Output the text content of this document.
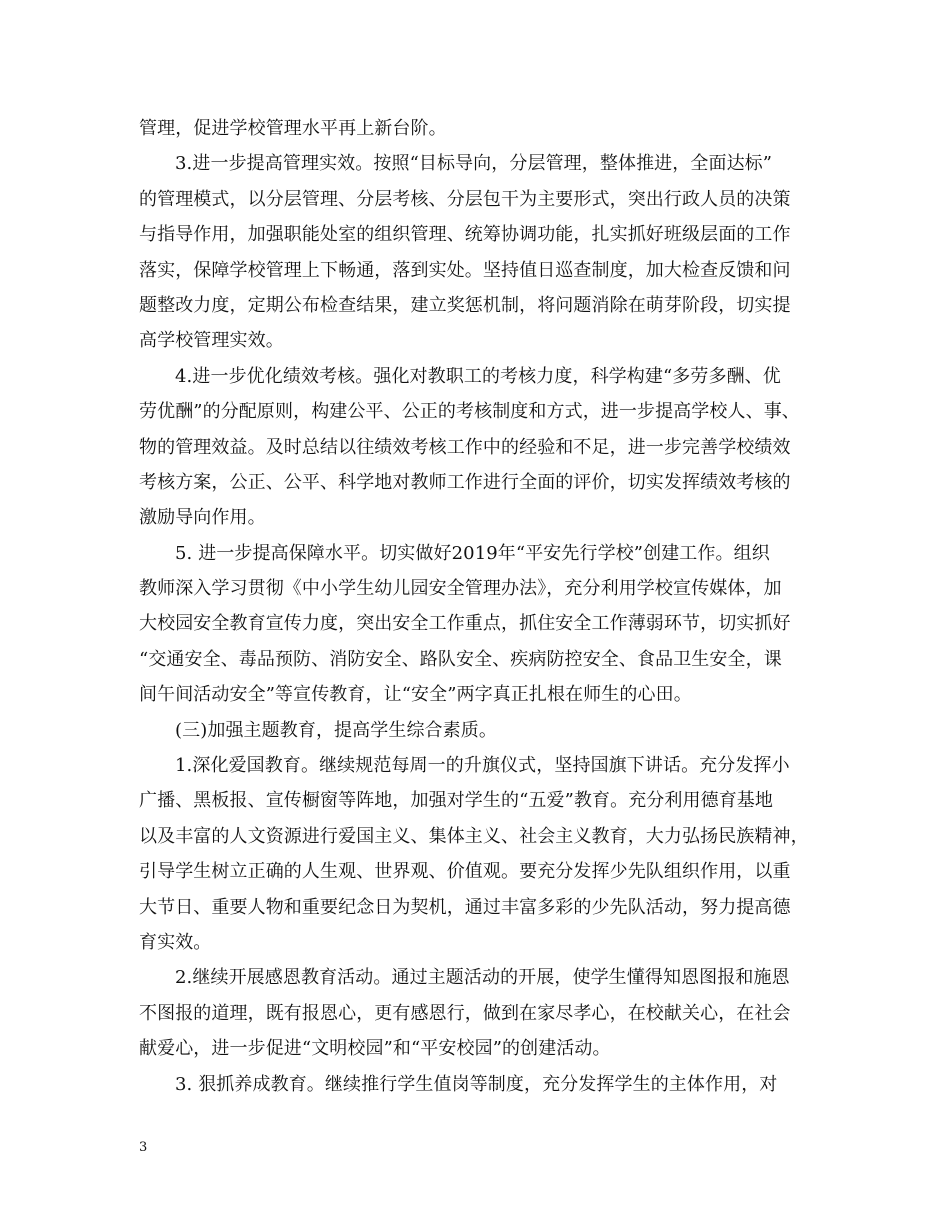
管理，促进学校管理水平再上新台阶。
3.进一步提高管理实效。按照“目标导向，分层管理，整体推进，全面达标”
的管理模式，以分层管理、分层考核、分层包干为主要形式，突出行政人员的决策
与指导作用，加强职能处室的组织管理、统筹协调功能，扎实抓好班级层面的工作
落实，保障学校管理上下畅通，落到实处。坚持值日巡查制度，加大检查反馈和问
题整改力度，定期公布检查结果，建立奖惩机制，将问题消除在萌芽阶段，切实提
高学校管理实效。
4.进一步优化绩效考核。强化对教职工的考核力度，科学构建“多劳多酬、优
劳优酬”的分配原则，构建公平、公正的考核制度和方式，进一步提高学校人、事、
物的管理效益。及时总结以往绩效考核工作中的经验和不足，进一步完善学校绩效
考核方案，公正、公平、科学地对教师工作进行全面的评价，切实发挥绩效考核的
激励导向作用。
5. 进一步提高保障水平。切实做好2019年“平安先行学校”创建工作。组织
教师深入学习贯彻《中小学生幼儿园安全管理办法》，充分利用学校宣传媒体，加
大校园安全教育宣传力度，突出安全工作重点，抓住安全工作薄弱环节，切实抓好
“交通安全、毒品预防、消防安全、路队安全、疾病防控安全、食品卫生安全，课
间午间活动安全”等宣传教育，让“安全”两字真正扎根在师生的心田。
(三)加强主题教育，提高学生综合素质。
1.深化爱国教育。继续规范每周一的升旗仪式，坚持国旗下讲话。充分发挥小
广播、黑板报、宣传橱窗等阵地，加强对学生的“五爱”教育。充分利用德育基地
以及丰富的人文资源进行爱国主义、集体主义、社会主义教育，大力弘扬民族精神，
引导学生树立正确的人生观、世界观、价值观。要充分发挥少先队组织作用，以重
大节日、重要人物和重要纪念日为契机，通过丰富多彩的少先队活动，努力提高德
育实效。
2.继续开展感恩教育活动。通过主题活动的开展，使学生懂得知恩图报和施恩
不图报的道理，既有报恩心，更有感恩行，做到在家尽孝心，在校献关心，在社会
献爱心，进一步促进“文明校园”和“平安校园”的创建活动。
3. 狠抓养成教育。继续推行学生值岗等制度，充分发挥学生的主体作用，对
3
